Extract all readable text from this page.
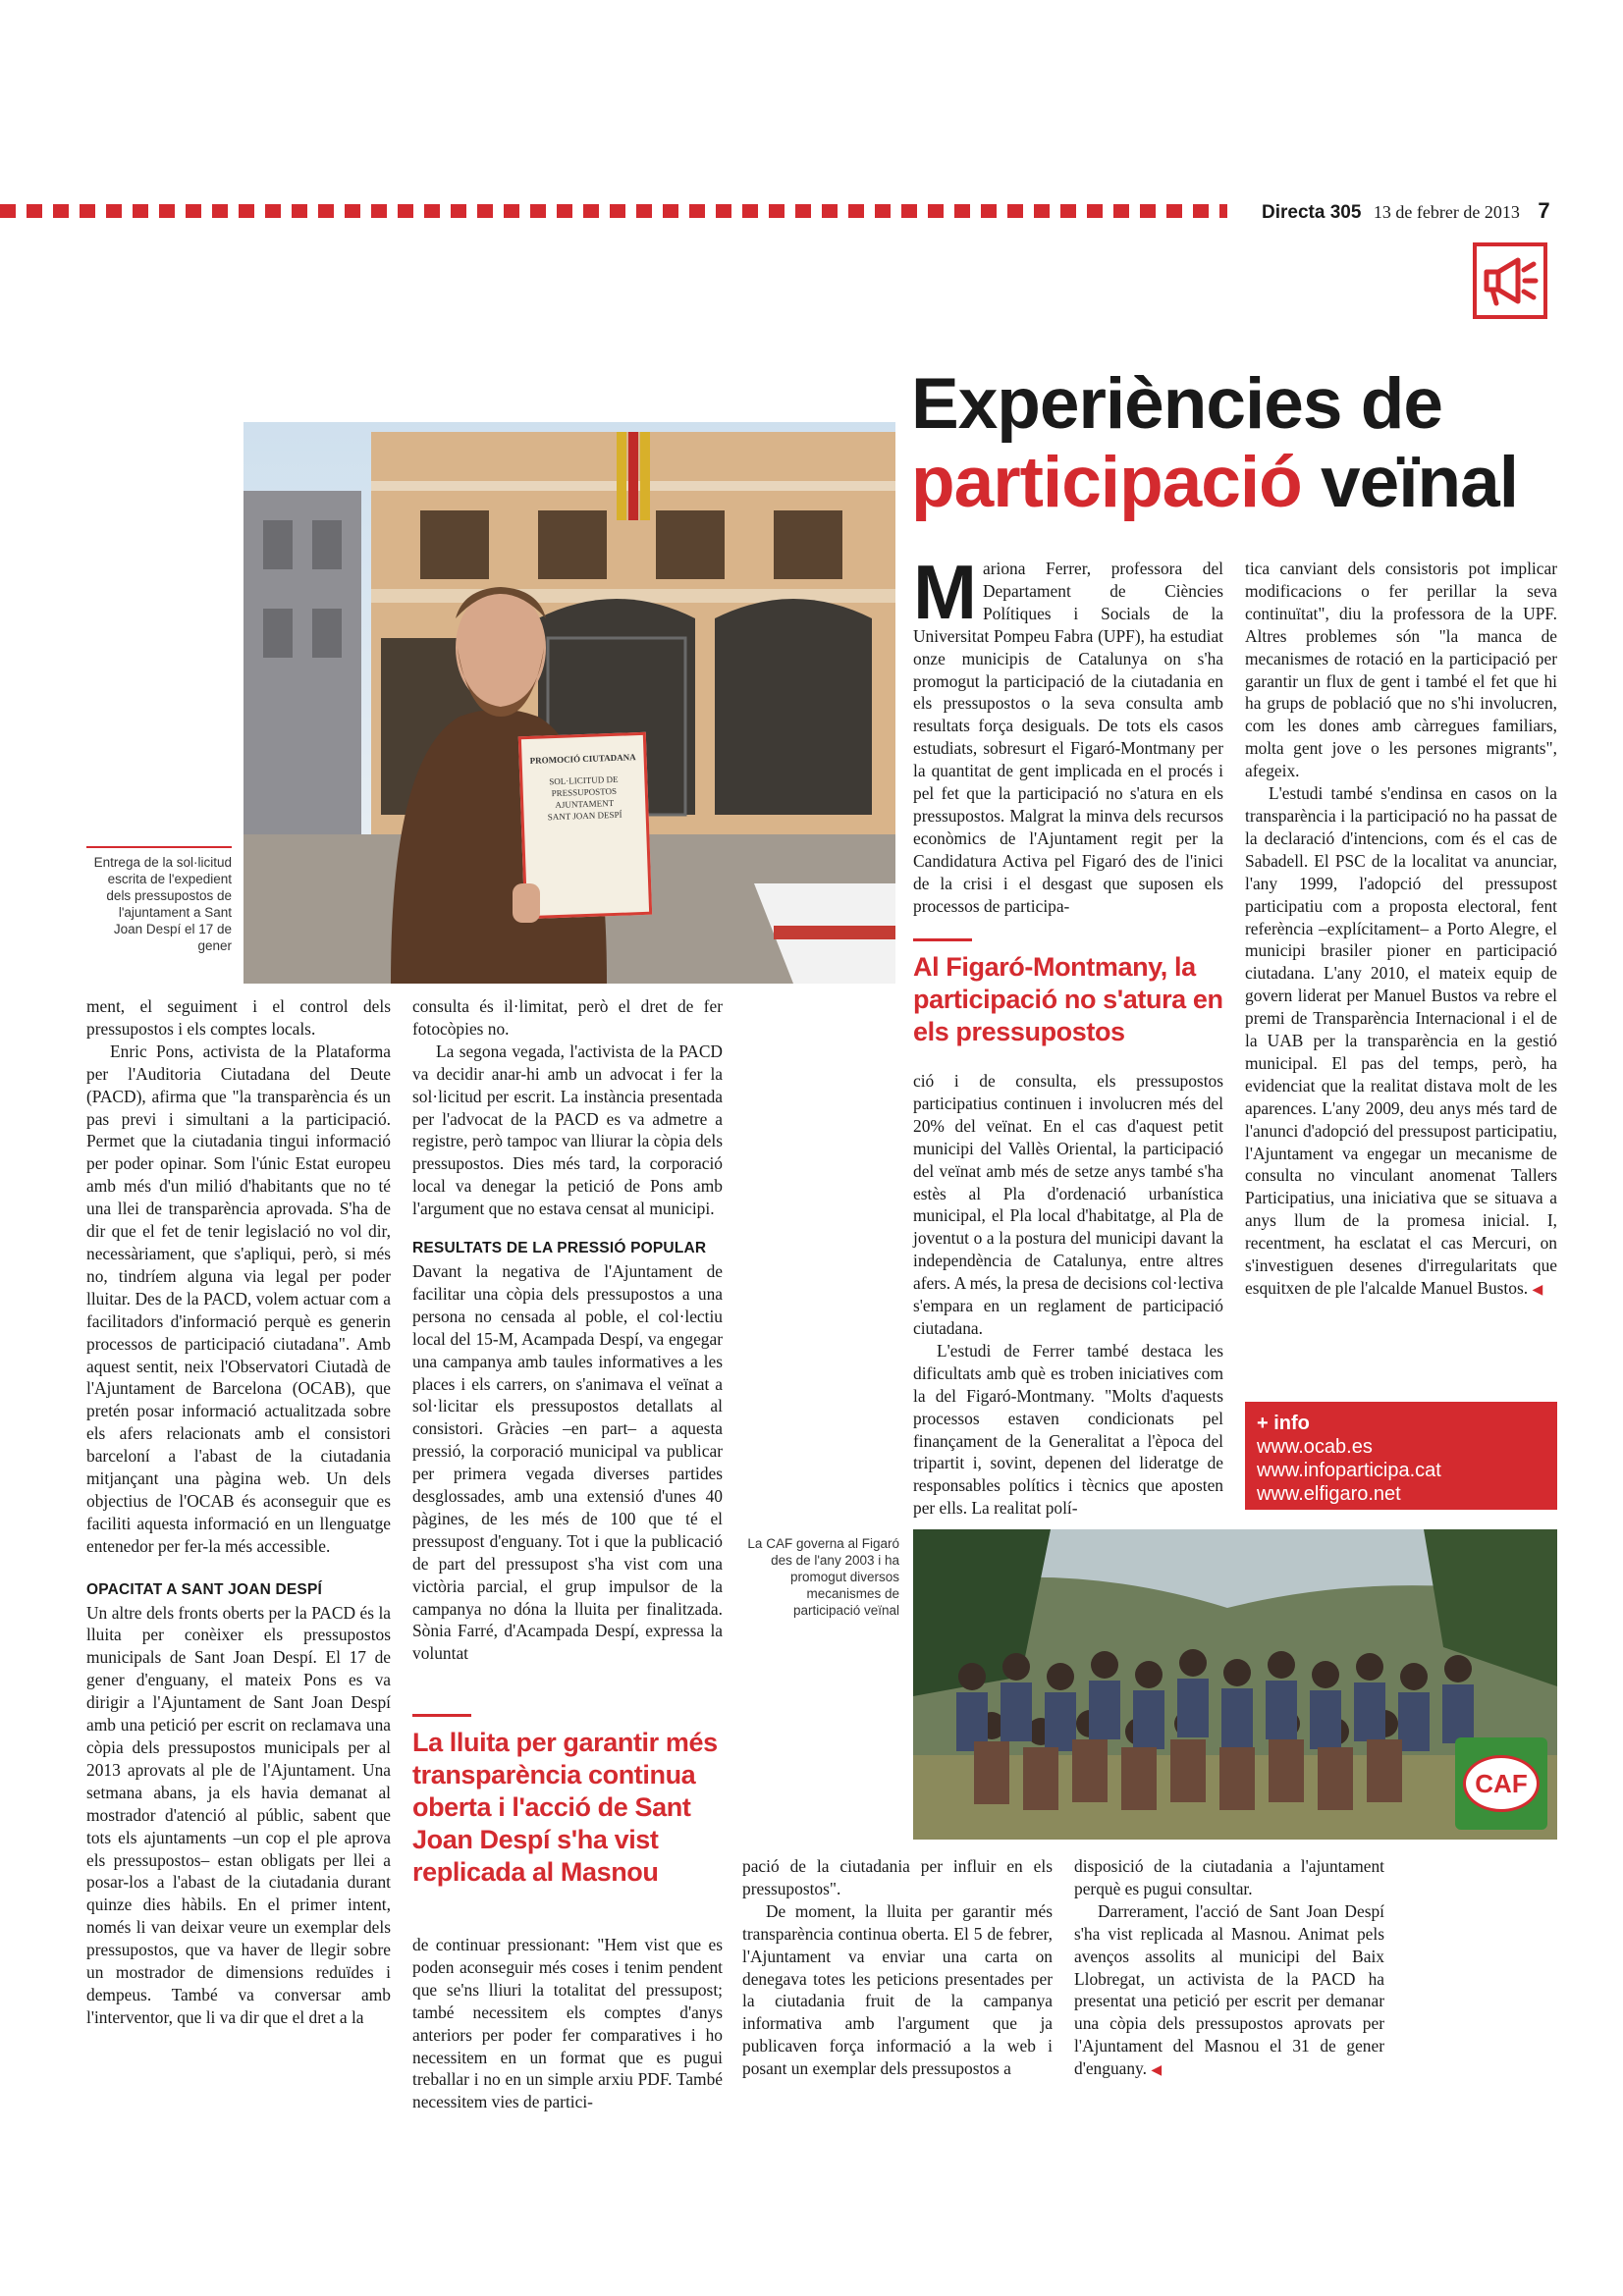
Directa 305 13 de febrer de 2013 7
Experiències de
participació veïnal
PROMOCIÓ CIUTADANA
SOL·LICITUD DE
PRESSUPOSTOS
AJUNTAMENT
SANT JOAN DESPÍ
Entrega de la sol·licitud escrita de l'expedient dels pressupostos de l'ajuntament a Sant Joan Despí el 17 de gener

ment, el seguiment i el control dels pressupostos i els comptes locals.

Enric Pons, activista de la Plataforma per l'Auditoria Ciutadana del Deute (PACD), afirma que "la transparència és un pas previ i simultani a la participació. Permet que la ciutadania tingui informació per poder opinar. Som l'únic Estat europeu amb més d'un milió d'habitants que no té una llei de transparència aprovada. S'ha de dir que el fet de tenir legislació no vol dir, necessàriament, que s'apliqui, però, si més no, tindríem alguna via legal per poder lluitar. Des de la PACD, volem actuar com a facilitadors d'informació perquè es generin processos de participació ciutadana". Amb aquest sentit, neix l'Observatori Ciutadà de l'Ajuntament de Barcelona (OCAB), que pretén posar informació actualitzada sobre els afers relacionats amb el consistori barceloní a l'abast de la ciutadania mitjançant una pàgina web. Un dels objectius de l'OCAB és aconseguir que es faciliti aquesta informació en un llenguatge entenedor per fer-la més accessible.

OPACITAT A SANT JOAN DESPÍ

Un altre dels fronts oberts per la PACD és la lluita per conèixer els pressupostos municipals de Sant Joan Despí. El 17 de gener d'enguany, el mateix Pons es va dirigir a l'Ajuntament de Sant Joan Despí amb una petició per escrit on reclamava una còpia dels pressupostos municipals per al 2013 aprovats al ple de l'Ajuntament. Una setmana abans, ja els havia demanat al mostrador d'atenció al públic, sabent que tots els ajuntaments –un cop el ple aprova els pressupostos– estan obligats per llei a posar-los a l'abast de la ciutadania durant quinze dies hàbils. En el primer intent, només li van deixar veure un exemplar dels pressupostos, que va haver de llegir sobre un mostrador de dimensions reduïdes i dempeus. També va conversar amb l'interventor, que li va dir que el dret a la

consulta és il·limitat, però el dret de fer fotocòpies no.

La segona vegada, l'activista de la PACD va decidir anar-hi amb un advocat i fer la sol·licitud per escrit. La instància presentada per l'advocat de la PACD es va admetre a registre, però tampoc van lliurar la còpia dels pressupostos. Dies més tard, la corporació local va denegar la petició de Pons amb l'argument que no estava censat al municipi.

RESULTATS DE LA PRESSIÓ POPULAR

Davant la negativa de l'Ajuntament de facilitar una còpia dels pressupostos a una persona no censada al poble, el col·lectiu local del 15-M, Acampada Despí, va engegar una campanya amb taules informatives a les places i els carrers, on s'animava el veïnat a sol·licitar els pressupostos detallats al consistori. Gràcies –en part– a aquesta pressió, la corporació municipal va publicar per primera vegada diverses partides desglossades, amb una extensió d'unes 40 pàgines, de les més de 100 que té el pressupost d'enguany. Tot i que la publicació de part del pressupost s'ha vist com una victòria parcial, el grup impulsor de la campanya no dóna la lluita per finalitzada. Sònia Farré, d'Acampada Despí, expressa la voluntat

La lluita per garantir més transparència continua oberta i l'acció de Sant Joan Despí s'ha vist replicada al Masnou

de continuar pressionant: "Hem vist que es poden aconseguir més coses i tenim pendent que se'ns lliuri la totalitat del pressupost; també necessitem els comptes d'anys anteriors per poder fer comparatives i ho necessitem en un format que es pugui treballar i no en un simple arxiu PDF. També necessitem vies de partici-

Mariona Ferrer, professora del Departament de Ciències Polítiques i Socials de la Universitat Pompeu Fabra (UPF), ha estudiat onze municipis de Catalunya on s'ha promogut la participació de la ciutadania en els pressupostos o la seva consulta amb resultats força desiguals. De tots els casos estudiats, sobresurt el Figaró-Montmany per la quantitat de gent implicada en el procés i pel fet que la participació no s'atura en els pressupostos. Malgrat la minva dels recursos econòmics de l'Ajuntament regit per la Candidatura Activa pel Figaró des de l'inici de la crisi i el desgast que suposen els processos de participa-

Al Figaró-Montmany, la participació no s'atura en els pressupostos

ció i de consulta, els pressupostos participatius continuen i involucren més del 20% del veïnat. En el cas d'aquest petit municipi del Vallès Oriental, la participació del veïnat amb més de setze anys també s'ha estès al Pla d'ordenació urbanística municipal, el Pla local d'habitatge, al Pla de joventut o a la postura del municipi davant la independència de Catalunya, entre altres afers. A més, la presa de decisions col·lectiva s'empara en un reglament de participació ciutadana.

L'estudi de Ferrer també destaca les dificultats amb què es troben iniciatives com la del Figaró-Montmany. "Molts d'aquests processos estaven condicionats pel finançament de la Generalitat a l'època del tripartit i, sovint, depenen del lideratge de responsables polítics i tècnics que aposten per ells. La realitat polí-

tica canviant dels consistoris pot implicar modificacions o fer perillar la seva continuïtat", diu la professora de la UPF. Altres problemes són "la manca de mecanismes de rotació en la participació per garantir un flux de gent i també el fet que hi ha grups de població que no s'hi involucren, com les dones amb càrregues familiars, molta gent jove o les persones migrants", afegeix.

L'estudi també s'endinsa en casos on la transparència i la participació no ha passat de la declaració d'intencions, com és el cas de Sabadell. El PSC de la localitat va anunciar, l'any 1999, l'adopció del pressupost participatiu com a proposta electoral, fent referència –explícitament– a Porto Alegre, el municipi brasiler pioner en participació ciutadana. L'any 2010, el mateix equip de govern liderat per Manuel Bustos va rebre el premi de Transparència Internacional i el de la UAB per la transparència en la gestió municipal. El pas del temps, però, ha evidenciat que la realitat distava molt de les aparences. L'any 2009, deu anys més tard de l'anunci d'adopció del pressupost participatiu, l'Ajuntament va engegar un mecanisme de consulta no vinculant anomenat Tallers Participatius, una iniciativa que se situava a anys llum de la promesa inicial. I, recentment, ha esclatat el cas Mercuri, on s'investiguen desenes d'irregularitats que esquitxen de ple l'alcalde Manuel Bustos. ◀

+ info
www.ocab.es
www.infoparticipa.cat
www.elfigaro.net
La CAF governa al Figaró des de l'any 2003 i ha promogut diversos mecanismes de participació veïnal
CAF

pació de la ciutadania per influir en els pressupostos".

De moment, la lluita per garantir més transparència continua oberta. El 5 de febrer, l'Ajuntament va enviar una carta on denegava totes les peticions presentades per la ciutadania fruit de la campanya informativa amb l'argument que ja publicaven força informació a la web i posant un exemplar dels pressupostos a

disposició de la ciutadania a l'ajuntament perquè es pugui consultar.

Darrerament, l'acció de Sant Joan Despí s'ha vist replicada al Masnou. Animat pels avenços assolits al municipi del Baix Llobregat, un activista de la PACD ha presentat una petició per escrit per demanar una còpia dels pressupostos aprovats per l'Ajuntament del Masnou el 31 de gener d'enguany. ◀
